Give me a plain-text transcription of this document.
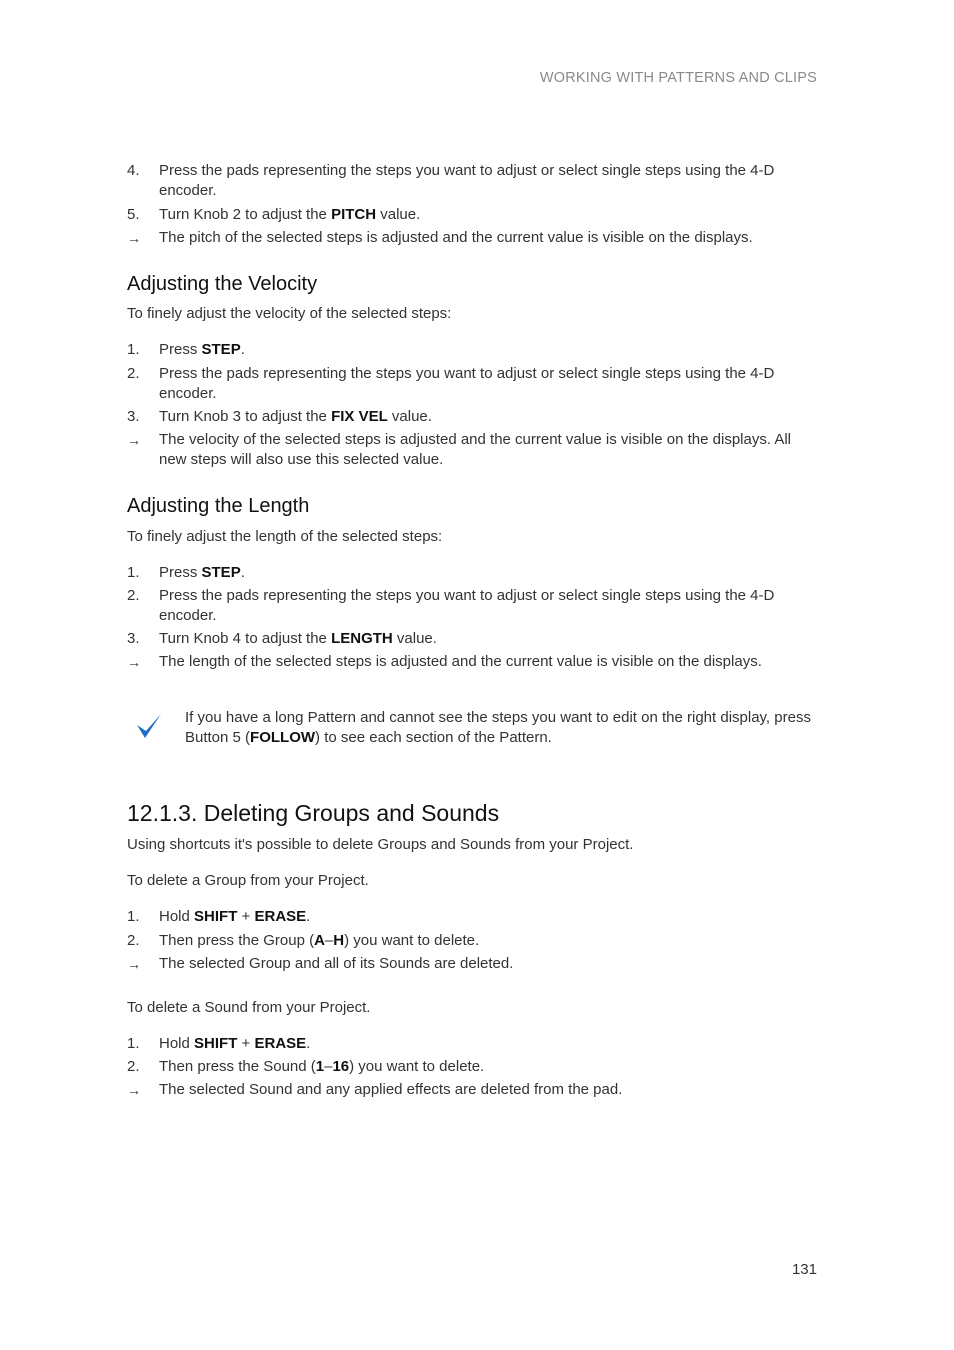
WORKING WITH PATTERNS AND CLIPS
4. Press the pads representing the steps you want to adjust or select single steps using the 4-D encoder.
5. Turn Knob 2 to adjust the PITCH value.
→ The pitch of the selected steps is adjusted and the current value is visible on the displays.
Adjusting the Velocity
To finely adjust the velocity of the selected steps:
1. Press STEP.
2. Press the pads representing the steps you want to adjust or select single steps using the 4-D encoder.
3. Turn Knob 3 to adjust the FIX VEL value.
→ The velocity of the selected steps is adjusted and the current value is visible on the displays. All new steps will also use this selected value.
Adjusting the Length
To finely adjust the length of the selected steps:
1. Press STEP.
2. Press the pads representing the steps you want to adjust or select single steps using the 4-D encoder.
3. Turn Knob 4 to adjust the LENGTH value.
→ The length of the selected steps is adjusted and the current value is visible on the displays.
If you have a long Pattern and cannot see the steps you want to edit on the right display, press Button 5 (FOLLOW) to see each section of the Pattern.
12.1.3. Deleting Groups and Sounds
Using shortcuts it's possible to delete Groups and Sounds from your Project.
To delete a Group from your Project.
1. Hold SHIFT + ERASE.
2. Then press the Group (A–H) you want to delete.
→ The selected Group and all of its Sounds are deleted.
To delete a Sound from your Project.
1. Hold SHIFT + ERASE.
2. Then press the Sound (1–16) you want to delete.
→ The selected Sound and any applied effects are deleted from the pad.
131
